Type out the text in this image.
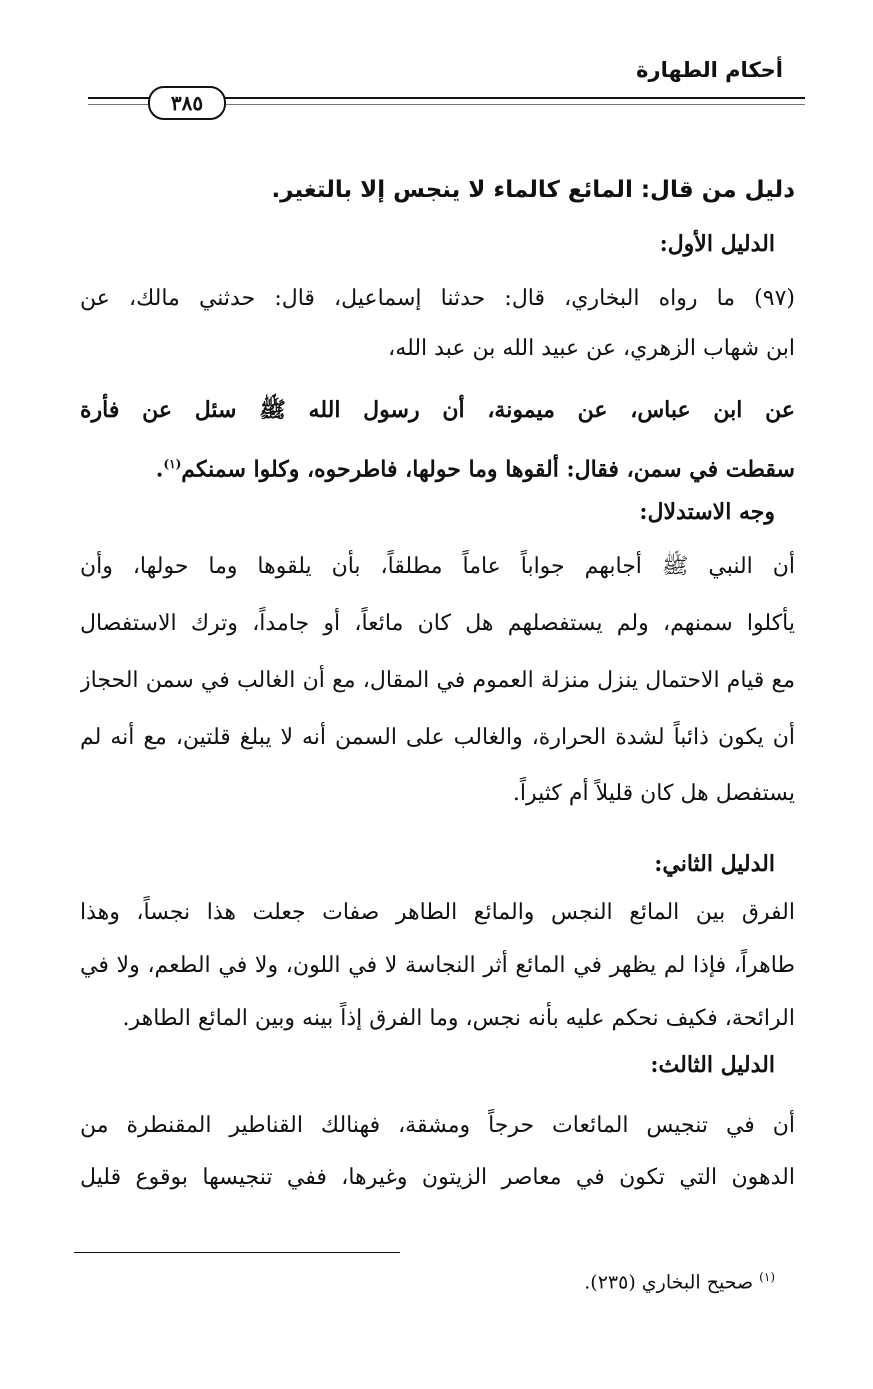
أحكام الطهارة
٣٨٥
دليل من قال: المائع كالماء لا ينجس إلا بالتغير.
الدليل الأول:
(٩٧) ما رواه البخاري، قال: حدثنا إسماعيل، قال: حدثني مالك، عن
ابن شهاب الزهري، عن عبيد الله بن عبد الله،
عن ابن عباس، عن ميمونة، أن رسول الله ﷺ سئل عن فأرة
سقطت في سمن، فقال: ألقوها وما حولها، فاطرحوه، وكلوا سمنكم$^{(١)}$.
وجه الاستدلال:
أن النبي ﷺ أجابهم جواباً عاماً مطلقاً، بأن يلقوها وما حولها، وأن
يأكلوا سمنهم، ولم يستفصلهم هل كان مائعاً، أو جامداً، وترك الاستفصال
مع قيام الاحتمال ينزل منزلة العموم في المقال، مع أن الغالب في سمن الحجاز
أن يكون ذائباً لشدة الحرارة، والغالب على السمن أنه لا يبلغ قلتين، مع أنه لم
يستفصل هل كان قليلاً أم كثيراً.
الدليل الثاني:
الفرق بين المائع النجس والمائع الطاهر صفات جعلت هذا نجساً، وهذا
طاهراً، فإذا لم يظهر في المائع أثر النجاسة لا في اللون، ولا في الطعم، ولا في
الرائحة، فكيف نحكم عليه بأنه نجس، وما الفرق إذاً بينه وبين المائع الطاهر.
الدليل الثالث:
أن في تنجيس المائعات حرجاً ومشقة، فهنالك القناطير المقنطرة من
الدهون التي تكون في معاصر الزيتون وغيرها، ففي تنجيسها بوقوع قليل
$^{(١)}$ صحيح البخاري (٢٣٥).
